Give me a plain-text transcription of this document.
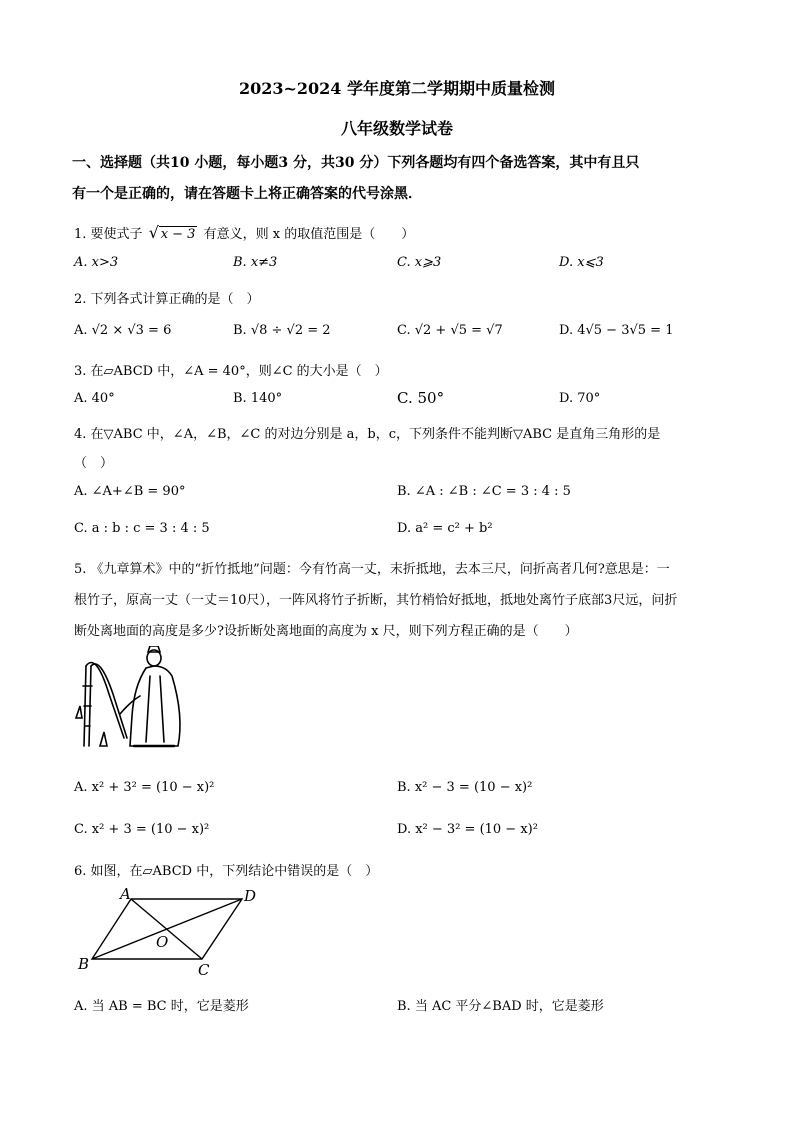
2023~2024 学年度第二学期期中质量检测
八年级数学试卷
一、选择题（共10 小题，每小题3 分，共30 分）下列各题均有四个备选答案，其中有且只
有一个是正确的，请在答题卡上将正确答案的代号涂黑．
1. 要使式子 √ x − 3 有意义，则 x 的取值范围是（　　）
A. x>3	B. x≠3	C. x⩾3	D. x⩽3
2. 下列各式计算正确的是（　）
A. √2 × √3 = 6	B. √8 ÷ √2 = 2	C. √2 + √5 = √7	D. 4√5 − 3√5 = 1
3. 在▱ABCD 中，∠A = 40°，则∠C 的大小是（　）
A. 40°	B. 140°	C. 50°	D. 70°
4. 在▽ABC 中，∠A，∠B，∠C 的对边分别是 a，b，c，下列条件不能判断▽ABC 是直角三角形的是
（　）
A. ∠A+∠B = 90°	B. ∠A : ∠B : ∠C = 3 : 4 : 5
C. a : b : c = 3 : 4 : 5	D. a² = c² + b²
5. 《九章算术》中的“折竹抵地”问题：今有竹高一丈，末折抵地，去本三尺，问折高者几何?意思是：一
根竹子，原高一丈（一丈＝10尺），一阵风将竹子折断，其竹梢恰好抵地，抵地处离竹子底部3尺远，问折
断处离地面的高度是多少?设折断处离地面的高度为 x 尺，则下列方程正确的是（　　）
A. x² + 3² = (10 − x)²	B. x² − 3 = (10 − x)²
C. x² + 3 = (10 − x)²	D. x² − 3² = (10 − x)²
6. 如图，在▱ABCD 中，下列结论中错误的是（　）
A	D
B	C
O
A. 当 AB = BC 时，它是菱形	B. 当 AC 平分∠BAD 时，它是菱形
